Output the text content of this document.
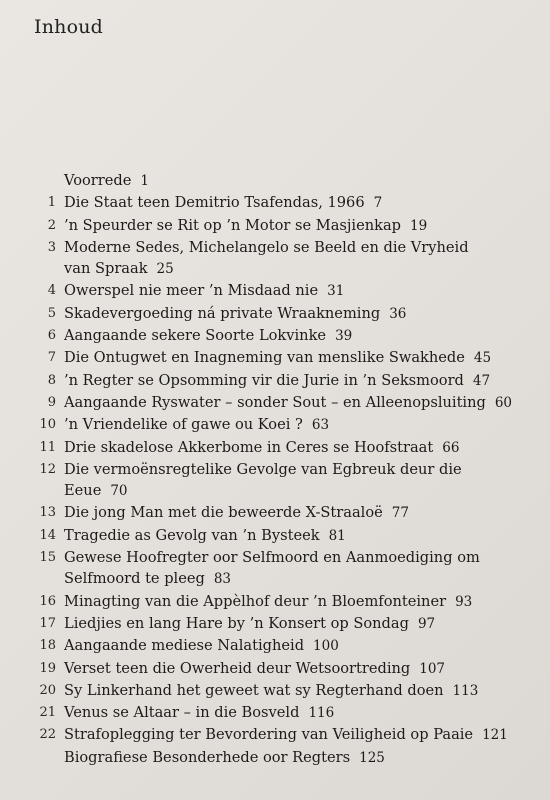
Inhoud
Voorrede 1
1 Die Staat teen Demitrio Tsafendas, 1966 7
2 ’n Speurder se Rit op ’n Motor se Masjienkap 19
3 Moderne Sedes, Michelangelo se Beeld en die Vryheid
van Spraak 25
4 Owerspel nie meer ’n Misdaad nie 31
5 Skadevergoeding ná private Wraakneming 36
6 Aangaande sekere Soorte Lokvinke 39
7 Die Ontugwet en Inagneming van menslike Swakhede 45
8 ’n Regter se Opsomming vir die Jurie in ’n Seksmoord 47
9 Aangaande Ryswater – sonder Sout – en Alleenopsluiting 60
10 ’n Vriendelike of gawe ou Koei ? 63
11 Drie skadelose Akkerbome in Ceres se Hoofstraat 66
12 Die vermoënsregtelike Gevolge van Egbreuk deur die
Eeue 70
13 Die jong Man met die beweerde X-Straaloë 77
14 Tragedie as Gevolg van ’n Bysteek 81
15 Gewese Hoofregter oor Selfmoord en Aanmoediging om
Selfmoord te pleeg 83
16 Minagting van die Appèlhof deur ’n Bloemfonteiner 93
17 Liedjies en lang Hare by ’n Konsert op Sondag 97
18 Aangaande mediese Nalatigheid 100
19 Verset teen die Owerheid deur Wetsoortreding 107
20 Sy Linkerhand het geweet wat sy Regterhand doen 113
21 Venus se Altaar – in die Bosveld 116
22 Strafoplegging ter Bevordering van Veiligheid op Paaie 121
Biografiese Besonderhede oor Regters 125
